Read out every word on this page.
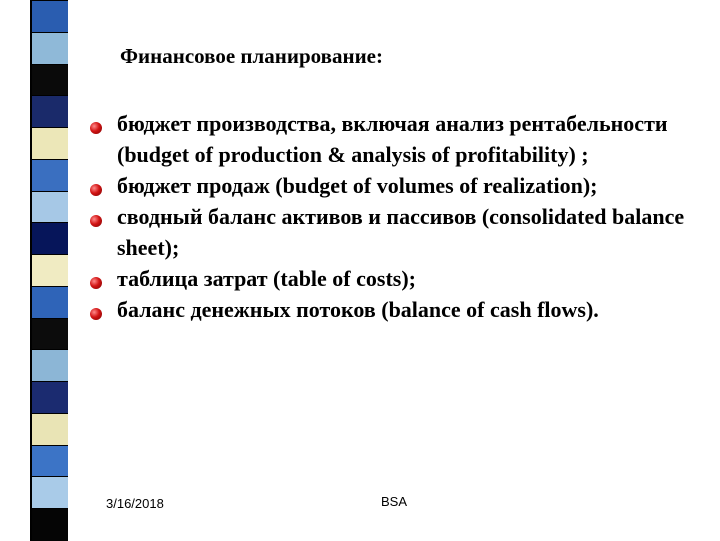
Финансовое планирование:
бюджет производства, включая анализ рентабельности (budget of production & analysis of profitability) ;
бюджет продаж (budget of volumes of realization);
сводный баланс активов и пассивов (consolidated balance sheet);
таблица затрат (table of costs);
баланс денежных потоков (balance of cash flows).
3/16/2018	BSA
